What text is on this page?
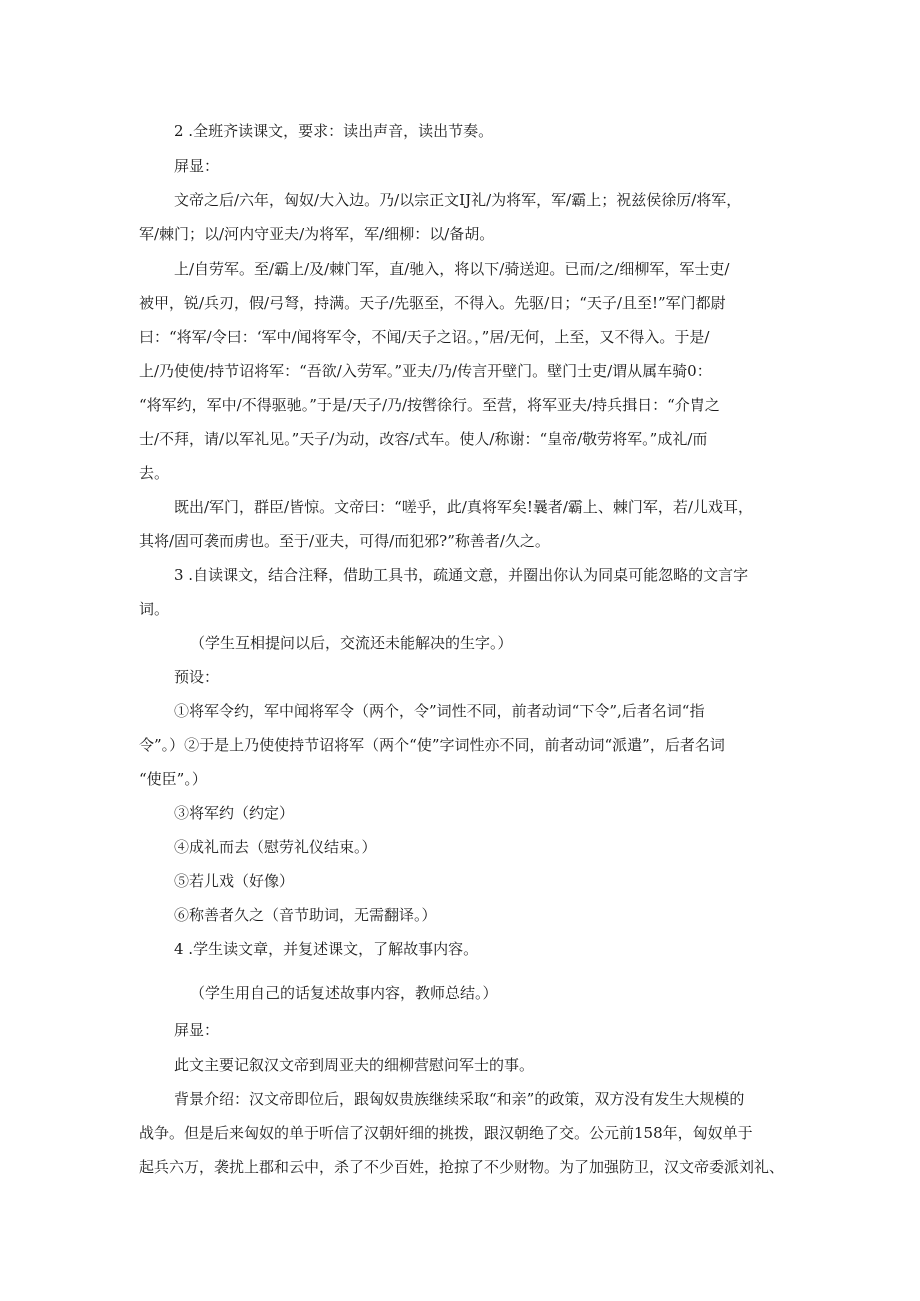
2 .全班齐读课文，要求：读出声音，读出节奏。
屏显：
文帝之后/六年，匈奴/大入边。乃/以宗正文IJ礼/为将军，军/霸上；祝兹侯徐厉/将军，
军/棘门；以/河内守亚夫/为将军，军/细柳：以/备胡。
上/自劳军。至/霸上/及/棘门军，直/驰入，将以下/骑送迎。已而/之/细柳军，军士吏/
被甲，锐/兵刃，假/弓弩，持满。天子/先驱至，不得入。先驱/日；“天子/且至!”军门都尉
曰：“将军/令曰：‘军中/闻将军令，不闻/天子之诏。，”居/无何，上至，又不得入。于是/
上/乃使使/持节诏将军：“吾欲/入劳军。”亚夫/乃/传言开壁门。壁门士吏/谓从属车骑0：
“将军约，军中/不得驱驰。”于是/天子/乃/按辔徐行。至营，将军亚夫/持兵揖日：“介胄之
士/不拜，请/以军礼见。”天子/为动，改容/式车。使人/称谢：“皇帝/敬劳将军。”成礼/而
去。
既出/军门，群臣/皆惊。文帝曰：“嗟乎，此/真将军矣!曩者/霸上、棘门军，若/儿戏耳，
其将/固可袭而虏也。至于/亚夫，可得/而犯邪?”称善者/久之。
3 .自读课文，结合注释，借助工具书，疏通文意，并圈出你认为同桌可能忽略的文言字
词。
（学生互相提问以后，交流还未能解决的生字。）
预设：
①将军令约，军中闻将军令（两个，令”词性不同，前者动词“下令”,后者名词“指
令”。）②于是上乃使使持节诏将军（两个“使”字词性亦不同，前者动词“派遣”，后者名词
“使臣”。）
③将军约（约定）
④成礼而去（慰劳礼仪结束。）
⑤若儿戏（好像）
⑥称善者久之（音节助词，无需翻译。）
4 .学生读文章，并复述课文，了解故事内容。
（学生用自己的话复述故事内容，教师总结。）
屏显：
此文主要记叙汉文帝到周亚夫的细柳营慰问军士的事。
背景介绍：汉文帝即位后，跟匈奴贵族继续采取“和亲”的政策，双方没有发生大规模的
战争。但是后来匈奴的单于听信了汉朝奸细的挑拨，跟汉朝绝了交。公元前158年，匈奴单于
起兵六万，袭扰上郡和云中，杀了不少百姓，抢掠了不少财物。为了加强防卫，汉文帝委派刘礼、
